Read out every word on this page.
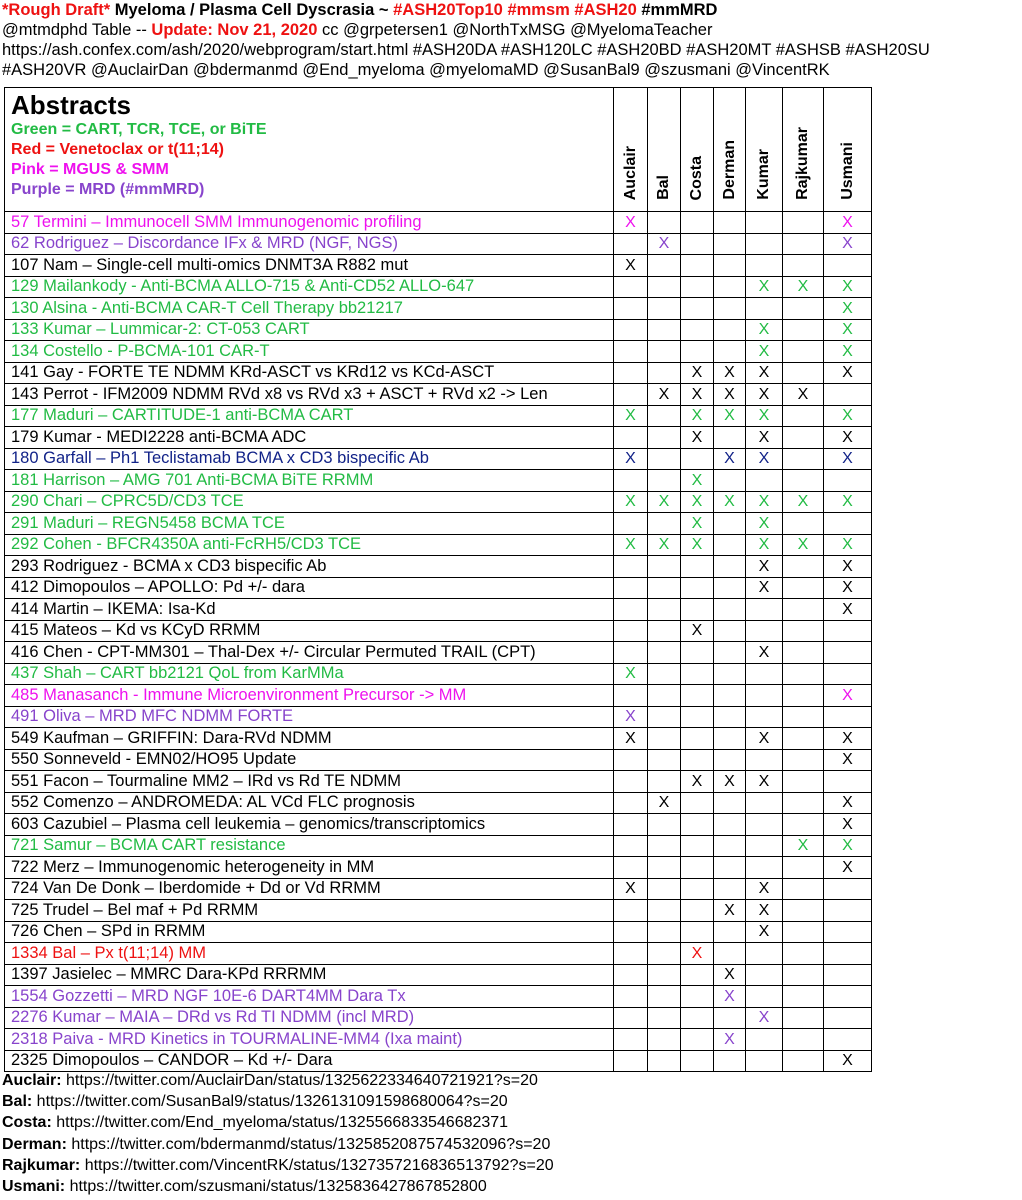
*Rough Draft* Myeloma / Plasma Cell Dyscrasia ~ #ASH20Top10 #mmsm #ASH20 #mmMRD
@mtmdphd Table -- Update: Nov 21, 2020 cc @grpetersen1 @NorthTxMSG @MyelomaTeacher
https://ash.confex.com/ash/2020/webprogram/start.html #ASH20DA #ASH120LC #ASH20BD #ASH20MT #ASHSB #ASH20SU
#ASH20VR @AuclairDan @bdermanmd @End_myeloma @myelomaMD @SusanBal9 @szusmani @VincentRK
Abstracts
Green = CART, TCR, TCE, or BiTE
Red = Venetoclax or t(11;14)
Pink = MGUS & SMM
Purple = MRD (#mmMRD)	Auclair	Bal	Costa	Derman	Kumar	Rajkumar	Usmani
57 Termini – Immunocell SMM Immunogenomic profiling	X						X
62 Rodriguez – Discordance IFx & MRD (NGF, NGS)		X					X
107 Nam – Single-cell multi-omics DNMT3A R882 mut	X						
129 Mailankody - Anti-BCMA ALLO-715 & Anti-CD52 ALLO-647					X	X	X
130 Alsina - Anti-BCMA CAR-T Cell Therapy bb21217							X
133 Kumar – Lummicar-2: CT-053 CART					X		X
134 Costello - P-BCMA-101 CAR-T					X		X
141 Gay - FORTE TE NDMM KRd-ASCT vs KRd12 vs KCd-ASCT			X	X	X		X
143 Perrot - IFM2009 NDMM RVd x8 vs RVd x3 + ASCT + RVd x2 -> Len		X	X	X	X	X	
177 Maduri – CARTITUDE-1 anti-BCMA CART	X		X	X	X		X
179 Kumar - MEDI2228 anti-BCMA ADC			X		X		X
180 Garfall – Ph1 Teclistamab BCMA x CD3 bispecific Ab	X			X	X		X
181 Harrison – AMG 701 Anti-BCMA BiTE RRMM			X				
290 Chari – CPRC5D/CD3 TCE	X	X	X	X	X	X	X
291 Maduri – REGN5458 BCMA TCE			X		X		
292 Cohen - BFCR4350A anti-FcRH5/CD3 TCE	X	X	X		X	X	X
293 Rodriguez - BCMA x CD3 bispecific Ab					X		X
412 Dimopoulos – APOLLO: Pd +/- dara					X		X
414 Martin – IKEMA: Isa-Kd							X
415 Mateos – Kd vs KCyD RRMM			X				
416 Chen - CPT-MM301 – Thal-Dex +/- Circular Permuted TRAIL (CPT)					X		
437 Shah – CART bb2121 QoL from KarMMa	X						
485 Manasanch - Immune Microenvironment Precursor -> MM							X
491 Oliva – MRD MFC NDMM FORTE	X						
549 Kaufman – GRIFFIN: Dara-RVd NDMM	X				X		X
550 Sonneveld - EMN02/HO95 Update							X
551 Facon – Tourmaline MM2 – IRd vs Rd TE NDMM			X	X	X		
552 Comenzo – ANDROMEDA: AL VCd FLC prognosis		X					X
603 Cazubiel – Plasma cell leukemia – genomics/transcriptomics							X
721 Samur – BCMA CART resistance						X	X
722 Merz – Immunogenomic heterogeneity in MM							X
724 Van De Donk – Iberdomide + Dd or Vd RRMM	X				X		
725 Trudel – Bel maf + Pd RRMM				X	X		
726 Chen – SPd in RRMM					X		
1334 Bal – Px t(11;14) MM			X				
1397 Jasielec – MMRC Dara-KPd RRRMM				X			
1554 Gozzetti – MRD NGF 10E-6 DART4MM Dara Tx				X			
2276 Kumar – MAIA – DRd vs Rd TI NDMM (incl MRD)					X		
2318 Paiva - MRD Kinetics in TOURMALINE-MM4 (Ixa maint)				X			
2325 Dimopoulos – CANDOR – Kd +/- Dara							X
Auclair: https://twitter.com/AuclairDan/status/1325622334640721921?s=20
Bal: https://twitter.com/SusanBal9/status/1326131091598680064?s=20
Costa: https://twitter.com/End_myeloma/status/1325566833546682371
Derman: https://twitter.com/bdermanmd/status/1325852087574532096?s=20
Rajkumar: https://twitter.com/VincentRK/status/1327357216836513792?s=20
Usmani: https://twitter.com/szusmani/status/1325836427867852800
